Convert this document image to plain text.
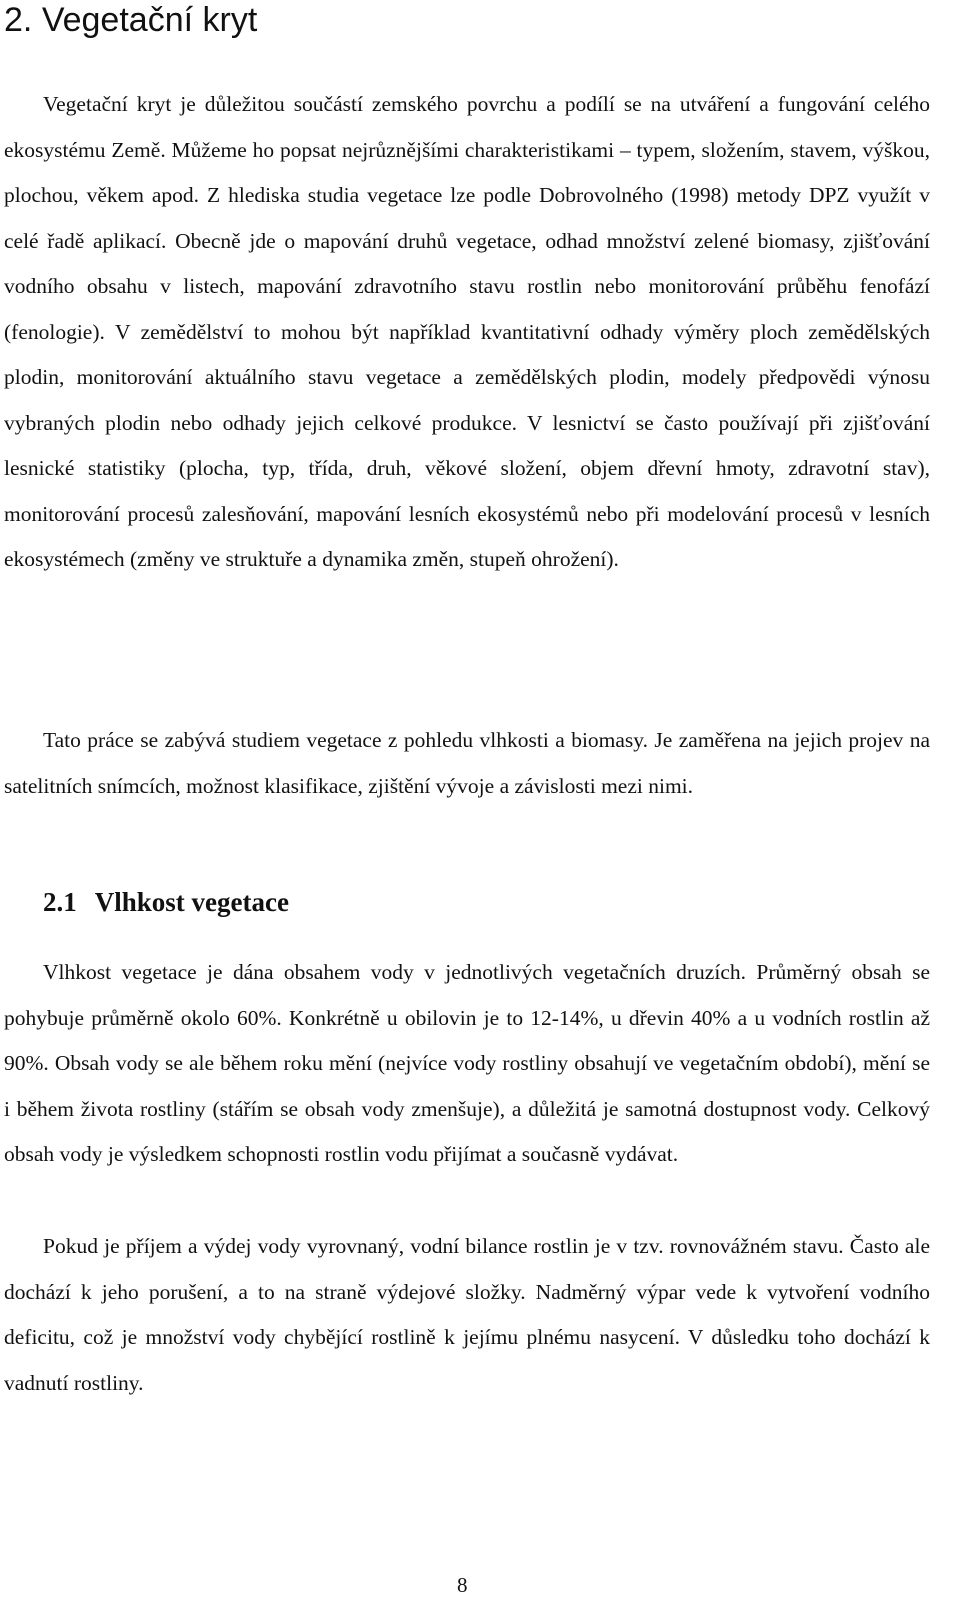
2. Vegetační kryt

Vegetační kryt je důležitou součástí zemského povrchu a podílí se na utváření a fungování celého ekosystému Země. Můžeme ho popsat nejrůznějšími charakteristikami – typem, složením, stavem, výškou, plochou, věkem apod. Z hlediska studia vegetace lze podle Dobrovolného (1998) metody DPZ využít v celé řadě aplikací. Obecně jde o mapování druhů vegetace, odhad množství zelené biomasy, zjišťování vodního obsahu v listech, mapování zdravotního stavu rostlin nebo monitorování průběhu fenofází (fenologie). V zemědělství to mohou být například kvantitativní odhady výměry ploch zemědělských plodin, monitorování aktuálního stavu vegetace a zemědělských plodin, modely předpovědi výnosu vybraných plodin nebo odhady jejich celkové produkce. V lesnictví se často používají při zjišťování lesnické statistiky (plocha, typ, třída, druh, věkové složení, objem dřevní hmoty, zdravotní stav), monitorování procesů zalesňování, mapování lesních ekosystémů nebo při modelování procesů v lesních ekosystémech (změny ve struktuře a dynamika změn, stupeň ohrožení).

Tato práce se zabývá studiem vegetace z pohledu vlhkosti a biomasy. Je zaměřena na jejich projev na satelitních snímcích, možnost klasifikace, zjištění vývoje a závislosti mezi nimi.

2.1 Vlhkost vegetace

Vlhkost vegetace je dána obsahem vody v jednotlivých vegetačních druzích. Průměrný obsah se pohybuje průměrně okolo 60%. Konkrétně u obilovin je to 12-14%, u dřevin 40% a u vodních rostlin až 90%. Obsah vody se ale během roku mění (nejvíce vody rostliny obsahují ve vegetačním období), mění se i během života rostliny (stářím se obsah vody zmenšuje), a důležitá je samotná dostupnost vody. Celkový obsah vody je výsledkem schopnosti rostlin vodu přijímat a současně vydávat.

Pokud je příjem a výdej vody vyrovnaný, vodní bilance rostlin je v tzv. rovnovážném stavu. Často ale dochází k jeho porušení, a to na straně výdejové složky. Nadměrný výpar vede k vytvoření vodního deficitu, což je množství vody chybějící rostlině k jejímu plnému nasycení. V důsledku toho dochází k vadnutí rostliny.

8
